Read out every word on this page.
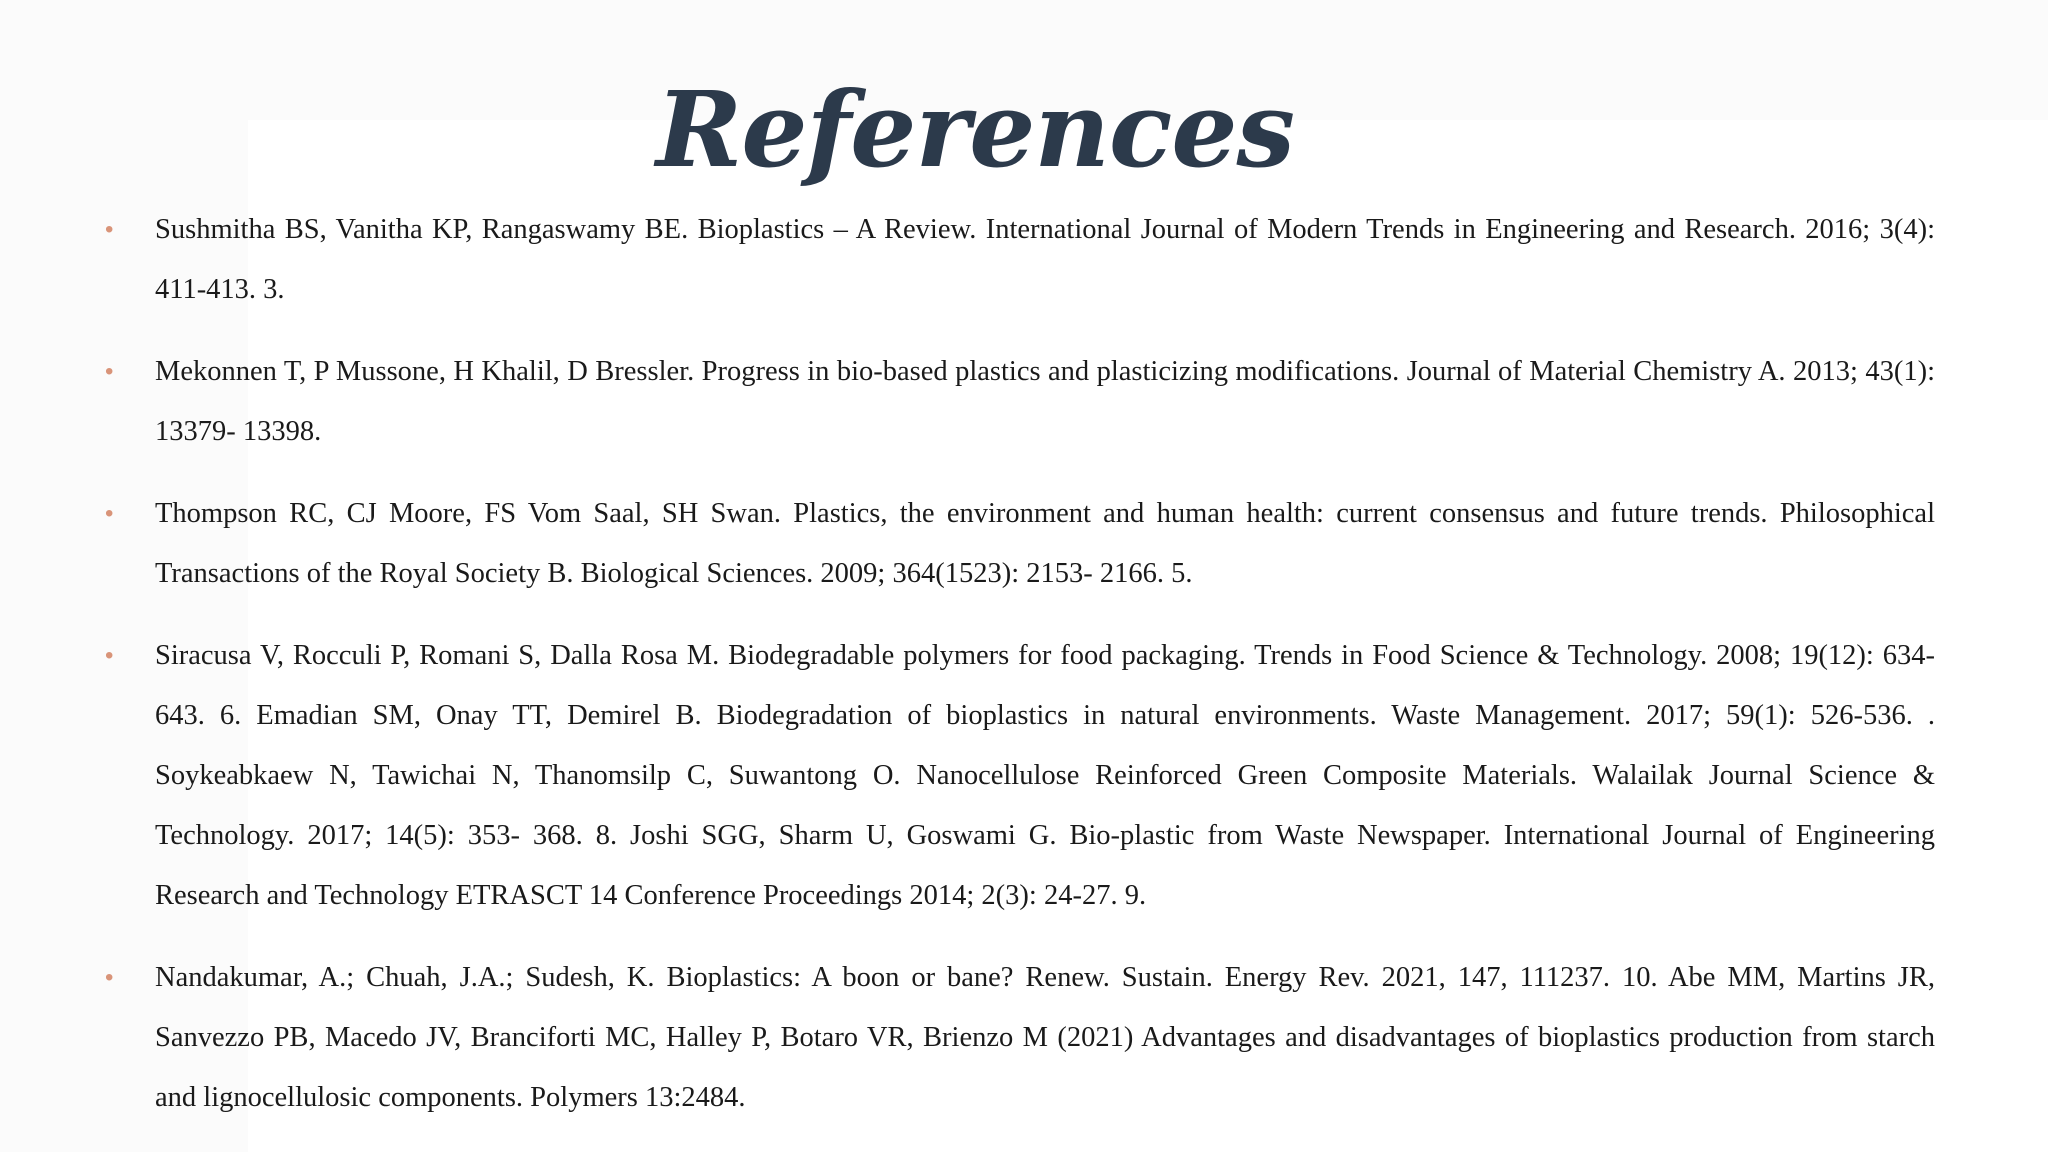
References
•	Sushmitha BS, Vanitha KP, Rangaswamy BE. Bioplastics – A Review. International Journal of Modern Trends in Engineering and Research. 2016; 3(4): 411-413. 3.
•	Mekonnen T, P Mussone, H Khalil, D Bressler. Progress in bio-based plastics and plasticizing modifications. Journal of Material Chemistry A. 2013; 43(1): 13379- 13398.
•	Thompson RC, CJ Moore, FS Vom Saal, SH Swan. Plastics, the environment and human health: current consensus and future trends. Philosophical Transactions of the Royal Society B. Biological Sciences. 2009; 364(1523): 2153- 2166. 5.
•	Siracusa V, Rocculi P, Romani S, Dalla Rosa M. Biodegradable polymers for food packaging. Trends in Food Science & Technology. 2008; 19(12): 634-643. 6. Emadian SM, Onay TT, Demirel B. Biodegradation of bioplastics in natural environments. Waste Management. 2017; 59(1): 526-536. . Soykeabkaew N, Tawichai N, Thanomsilp C, Suwantong O. Nanocellulose Reinforced Green Composite Materials. Walailak Journal Science & Technology. 2017; 14(5): 353- 368. 8. Joshi SGG, Sharm U, Goswami G. Bio-plastic from Waste Newspaper. International Journal of Engineering Research and Technology ETRASCT 14 Conference Proceedings 2014; 2(3): 24-27. 9.
•	Nandakumar, A.; Chuah, J.A.; Sudesh, K. Bioplastics: A boon or bane? Renew. Sustain. Energy Rev. 2021, 147, 111237. 10. Abe MM, Martins JR, Sanvezzo PB, Macedo JV, Branciforti MC, Halley P, Botaro VR, Brienzo M (2021) Advantages and disadvantages of bioplastics production from starch and lignocellulosic components. Polymers 13:2484.
